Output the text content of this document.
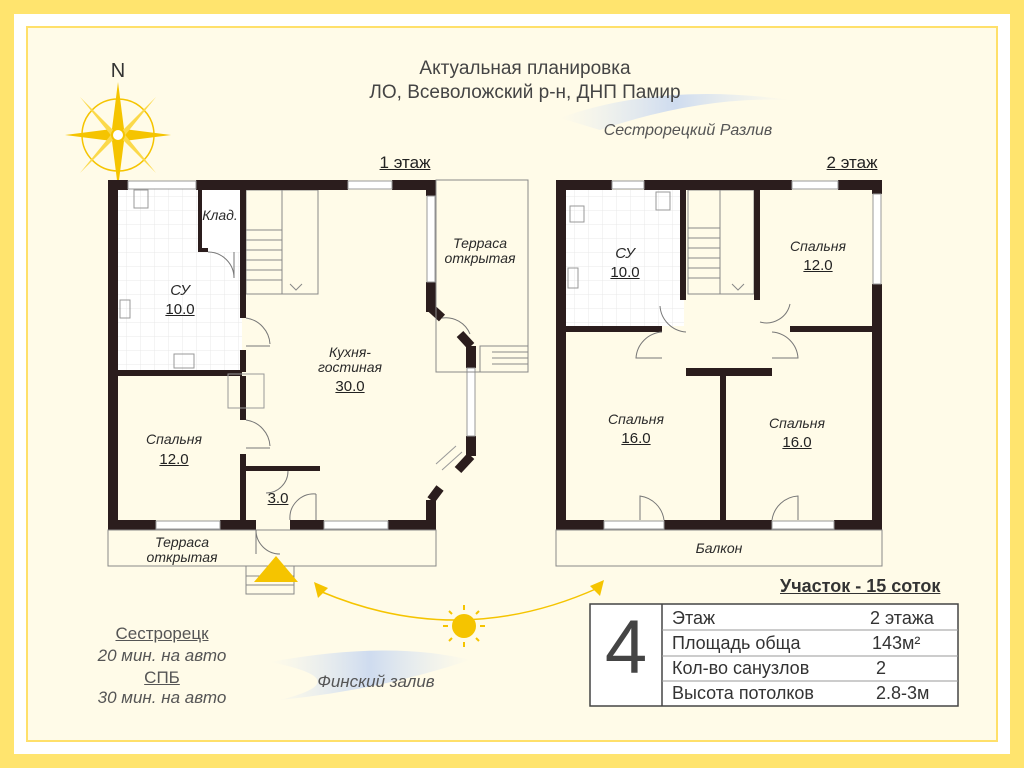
Актуальная планировка
ЛО, Всеволожский р-н, ДНП Памир
N
Сестрорецкий Разлив
1 этаж
СУ
10.0
Клад.
Кухня-
гостиная
30.0
Спальня
12.0
3.0
Терраса
открытая
Терраса
открытая
2 этаж
СУ
10.0
Спальня
12.0
Спальня
16.0
Спальня
16.0
Балкон
Сестрорецк
20 мин. на авто
СПБ
30 мин. на авто
Финский залив
Участок - 15 соток
4 Этаж	2 этажа
Площадь обща	143м²
Кол-во санузлов	2
Высота потолков	2.8-3м
